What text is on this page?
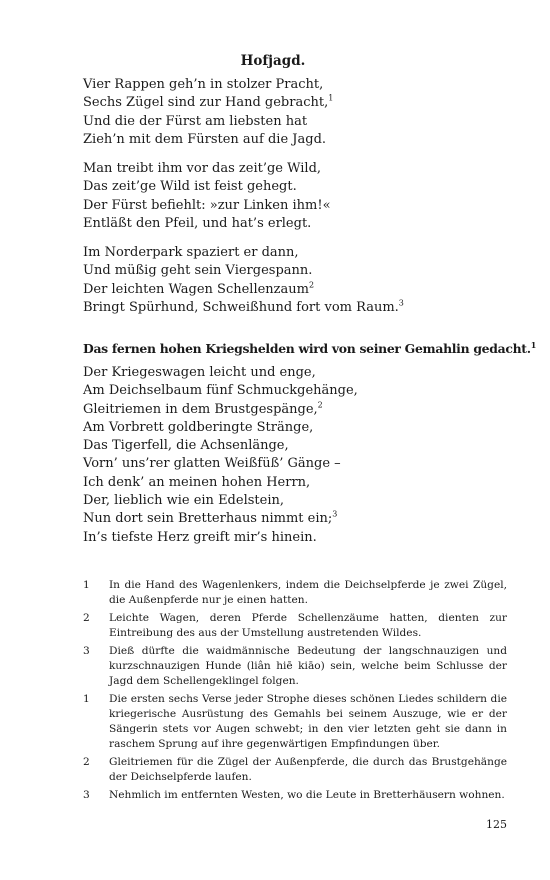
Hofjagd.
Vier Rappen geh’n in stolzer Pracht,
Sechs Zügel sind zur Hand gebracht,$^1$
Und die der Fürst am liebsten hat
Zieh’n mit dem Fürsten auf die Jagd.
Man treibt ihm vor das zeit’ge Wild,
Das zeit’ge Wild ist feist gehegt.
Der Fürst befiehlt: »zur Linken ihm!«
Entläßt den Pfeil, und hat’s erlegt.
Im Norderpark spaziert er dann,
Und müßig geht sein Viergespann.
Der leichten Wagen Schellenzaum$^2$
Bringt Spürhund, Schweißhund fort vom Raum.$^3$
Das fernen hohen Kriegshelden wird von seiner Gemahlin gedacht.$^1$
Der Kriegeswagen leicht und enge,
Am Deichselbaum fünf Schmuckgehänge,
Gleitriemen in dem Brustgespänge,$^2$
Am Vorbrett goldberingte Stränge,
Das Tigerfell, die Achsenlänge,
Vorn’ uns’rer glatten Weißfüß’ Gänge –
Ich denk’ an meinen hohen Herrn,
Der, lieblich wie ein Edelstein,
Nun dort sein Bretterhaus nimmt ein;$^3$
In’s tiefste Herz greift mir’s hinein.
1	In die Hand des Wagenlenkers, indem die Deichselpferde je zwei Zügel, die Außenpferde nur je einen hatten.
2	Leichte Wagen, deren Pferde Schellenzäume hatten, dienten zur Eintreibung des aus der Umstellung austretenden Wildes.
3	Dieß dürfte die waidmännische Bedeutung der langschnauzigen und kurzschnauzigen Hunde (liân hiē kiāo) sein, welche beim Schlusse der Jagd dem Schellengeklingel folgen.
1	Die ersten sechs Verse jeder Strophe dieses schönen Liedes schildern die kriegerische Ausrüstung des Gemahls bei seinem Auszuge, wie er der Sängerin stets vor Augen schwebt; in den vier letzten geht sie dann in raschem Sprung auf ihre gegenwärtigen Empfindungen über.
2	Gleitriemen für die Zügel der Außenpferde, die durch das Brustgehänge der Deichselpferde laufen.
3	Nehmlich im entfernten Westen, wo die Leute in Bretterhäusern wohnen.
125
